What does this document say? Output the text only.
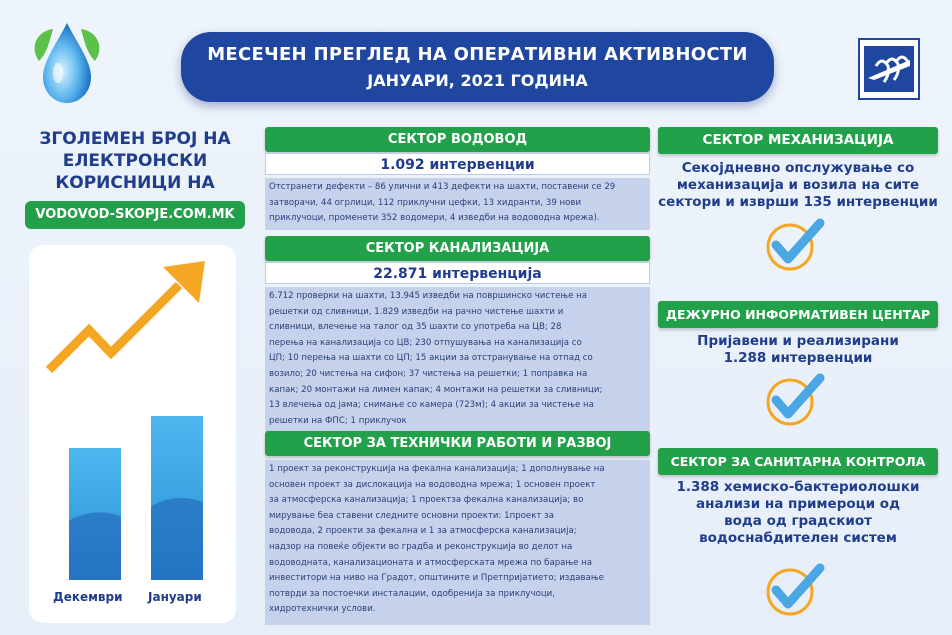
МЕСЕЧЕН ПРЕГЛЕД НА ОПЕРАТИВНИ АКТИВНОСТИ
ЈАНУАРИ, 2021 ГОДИНА
ЗГОЛЕМЕН БРОЈ НА
ЕЛЕКТРОНСКИ
КОРИСНИЦИ НА
VODOVOD-SKOPJE.COM.MK
Декември Јануари
СЕКТОР ВОДОВОД
1.092 интервенции
Отстранети дефекти – 86 улични и 413 дефекти на шахти, поставени се 29
затворачи, 44 огрлици, 112 приклучни цефки, 13 хидранти, 39 нови
приклучоци, променети 352 водомери, 4 изведби на водоводна мрежа).
СЕКТОР КАНАЛИЗАЦИЈА
22.871 интервенција
6.712 проверки на шахти, 13.945 изведби на површинско чистење на
решетки од сливници, 1.829 изведби на рачно чистење шахти и
сливници, влечење на талог од 35 шахти со употреба на ЦВ; 28
перења на канализација со ЦВ; 230 отпушувања на канализација со
ЦП; 10 перења на шахти со ЦП; 15 акции за отстранување на отпад со
возило; 20 чистења на сифон; 37 чистења на решетки; 1 поправка на
капак; 20 монтажи на лимен капак; 4 монтажи на решетки за сливници;
13 влечења од јама; снимање со камера (723м); 4 акции за чистење на
решетки на ФПС; 1 приклучок
СЕКТОР ЗА ТЕХНИЧКИ РАБОТИ И РАЗВОЈ
1 проект за реконструкција на фекална канализација; 1 дополнување на
основен проект за дислокација на водоводна мрежа; 1 основен проект
за атмосферска канализација; 1 проектза фекална канализација; во
мирување беа ставени следните основни проекти: 1проект за
водовода, 2 проекти за фекална и 1 за атмосферска канализација;
надзор на повеќе објекти во градба и реконструкција во делот на
водоводната, канализационата и атмосферската мрежа по барање на
инвеститори на ниво на Градот, општините и Претпријатието; издавање
потврди за постоечки инсталации, одобренија за приклучоци,
хидротехнички услови.
СЕКТОР МЕХАНИЗАЦИЈА
Секојдневно опслужување со
механизација и возила на сите
сектори и изврши 135 интервенции
ДЕЖУРНО ИНФОРМАТИВЕН ЦЕНТАР
Пријавени и реализирани
1.288 интервенции
СЕКТОР ЗА САНИТАРНА КОНТРОЛА
1.388 хемиско-бактериолошки
анализи на примероци од
вода од градскиот
водоснабдителен систем
